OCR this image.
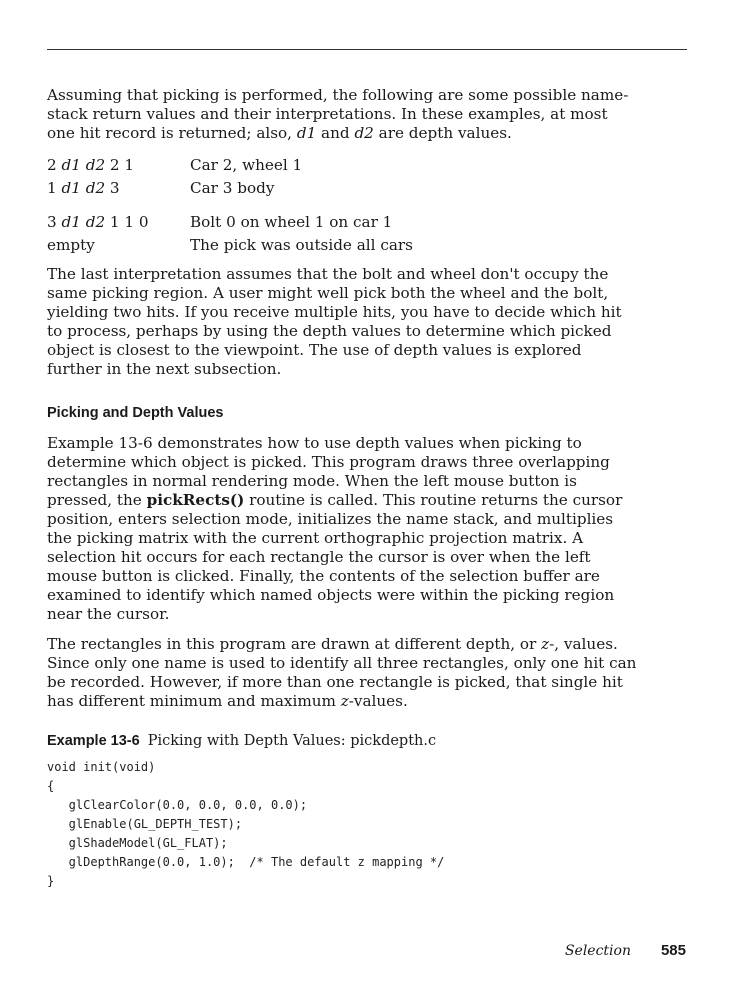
Assuming that picking is performed, the following are some possible name-stack return values and their interpretations. In these examples, at most one hit record is returned; also, d1 and d2 are depth values.

2 d1 d2 2 1	Car 2, wheel 1
1 d1 d2 3	Car 3 body
3 d1 d2 1 1 0	Bolt 0 on wheel 1 on car 1
empty	The pick was outside all cars

The last interpretation assumes that the bolt and wheel don't occupy the same picking region. A user might well pick both the wheel and the bolt, yielding two hits. If you receive multiple hits, you have to decide which hit to process, perhaps by using the depth values to determine which picked object is closest to the viewpoint. The use of depth values is explored further in the next subsection.

Picking and Depth Values

Example 13-6 demonstrates how to use depth values when picking to determine which object is picked. This program draws three overlapping rectangles in normal rendering mode. When the left mouse button is pressed, the pickRects() routine is called. This routine returns the cursor position, enters selection mode, initializes the name stack, and multiplies the picking matrix with the current orthographic projection matrix. A selection hit occurs for each rectangle the cursor is over when the left mouse button is clicked. Finally, the contents of the selection buffer are examined to identify which named objects were within the picking region near the cursor.

The rectangles in this program are drawn at different depth, or z-, values. Since only one name is used to identify all three rectangles, only one hit can be recorded. However, if more than one rectangle is picked, that single hit has different minimum and maximum z-values.

Example 13-6 Picking with Depth Values: pickdepth.c
void init(void)
{
glClearColor(0.0, 0.0, 0.0, 0.0);
glEnable(GL_DEPTH_TEST);
glShadeModel(GL_FLAT);
glDepthRange(0.0, 1.0);  /* The default z mapping */
}
Selection 585
